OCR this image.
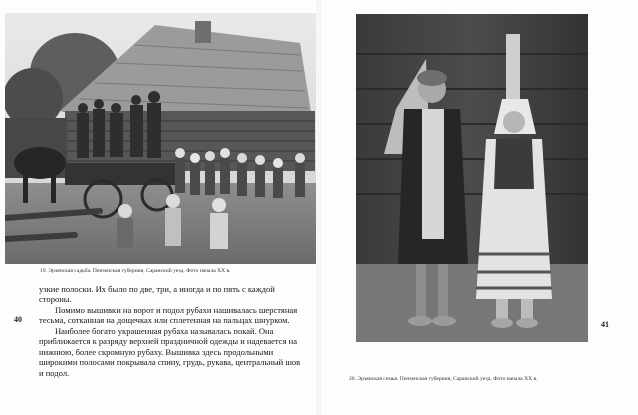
19. Эрзянская садьба. Пензенская губерния, Саранский уезд. Фото начала XX в.

узкие полоски. Их было по две, три, а иногда и по пять с каждой стороны.

Помимо вышивки на ворот и подол рубахи нашивалась шерстяная тесьма, сотканная на дощечках или сплетенная на пальцах шнурком.

Наиболее богато украшенная рубаха называлась покай. Она приближается к разряду верхней праздничной одежды и надевается на нижнюю, более скромную рубаху. Вышивка здесь продольными широкими полосами покрывала спину, грудь, рукава, центральный шов и подол.

40
20. Эрзянская семья. Пензенская губерния, Саранский уезд. Фото начала XX в.
41
